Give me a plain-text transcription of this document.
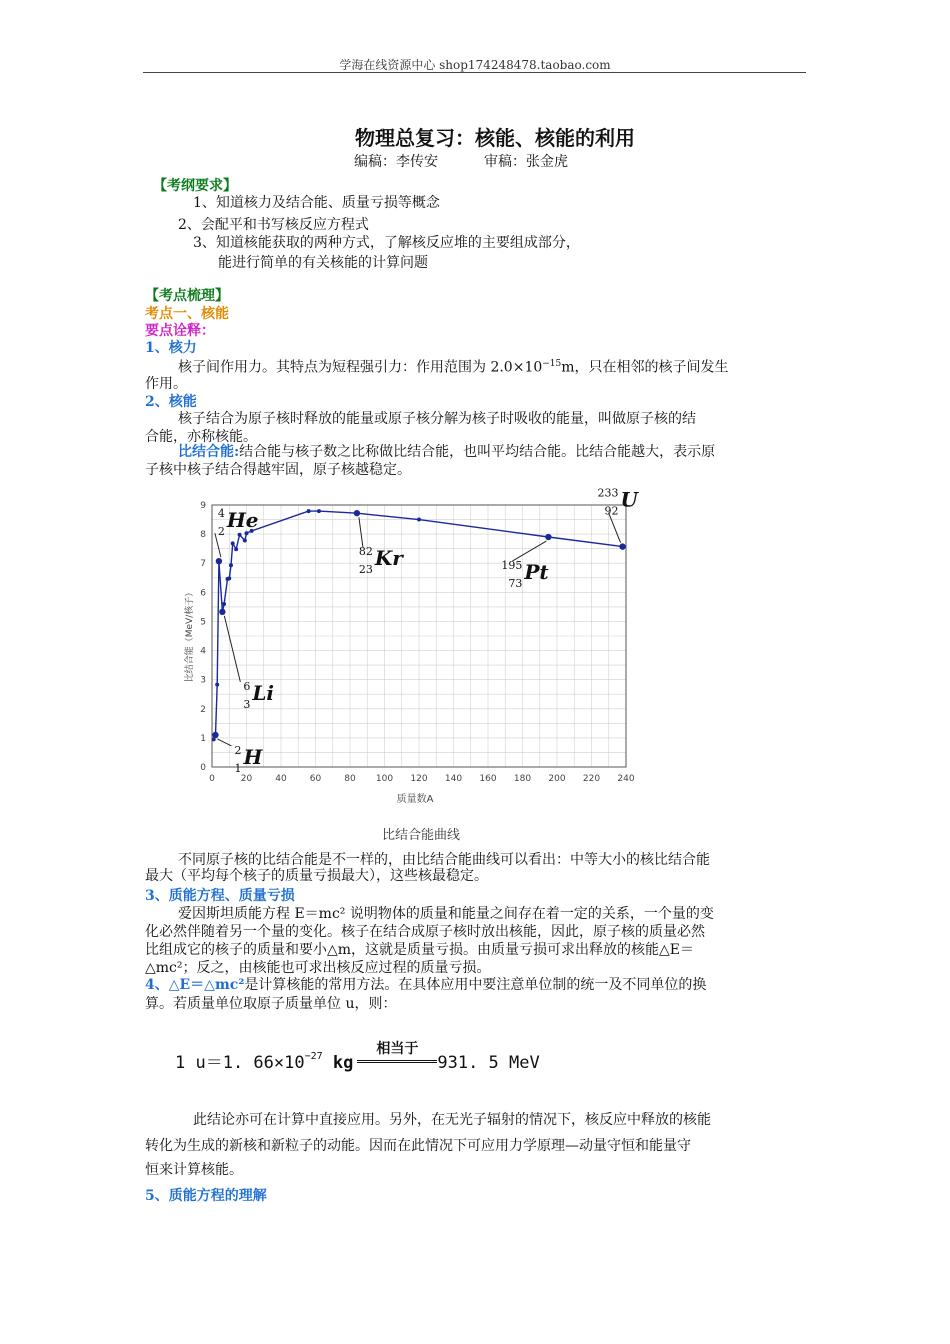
学海在线资源中心 shop174248478.taobao.com
物理总复习：核能、核能的利用
编稿：李传安	审稿：张金虎
【考纲要求】
1、知道核力及结合能、质量亏损等概念
2、会配平和书写核反应方程式
3、知道核能获取的两种方式，了解核反应堆的主要组成部分，
能进行简单的有关核能的计算问题
【考点梳理】
考点一、核能
要点诠释：
1、核力
核子间作用力。其特点为短程强引力：作用范围为 $2.0\times 10^{-15}m$，只在相邻的核子间发生
作用。
2、核能
核子结合为原子核时释放的能量或原子核分解为核子时吸收的能量，叫做原子核的结
合能，亦称核能。
比结合能:结合能与核子数之比称做比结合能，也叫平均结合能。比结合能越大，表示原
子核中核子结合得越牢固，原子核越稳定。
0	20	40	60	80 100 120 140 160 180 200 220 240
0
1
2
3
4
5
6
7
8
9
He
4
2
Li
6
3
H
2
1
Kr
82
23	Pt
195
73
U
233
92
质量数A
比结合能（MeV/核子）
比结合能曲线
不同原子核的比结合能是不一样的，由比结合能曲线可以看出：中等大小的核比结合能
最大（平均每个核子的质量亏损最大），这些核最稳定。
3、质能方程、质量亏损
爱因斯坦质能方程 E＝mc² 说明物体的质量和能量之间存在着一定的关系，一个量的变
化必然伴随着另一个量的变化。核子在结合成原子核时放出核能，因此，原子核的质量必然
比组成它的核子的质量和要小△m，这就是质量亏损。由质量亏损可求出释放的核能△E＝
△mc²；反之，由核能也可求出核反应过程的质量亏损。
4、△E＝△mc²是计算核能的常用方法。在具体应用中要注意单位制的统一及不同单位的换
算。若质量单位取原子质量单位 u，则：
1 u＝1. $66\times 10^{-27}$ kg
相当于
931. 5 MeV
此结论亦可在计算中直接应用。另外，在无光子辐射的情况下，核反应中释放的核能
转化为生成的新核和新粒子的动能。因而在此情况下可应用力学原理—动量守恒和能量守
恒来计算核能。
5、质能方程的理解
